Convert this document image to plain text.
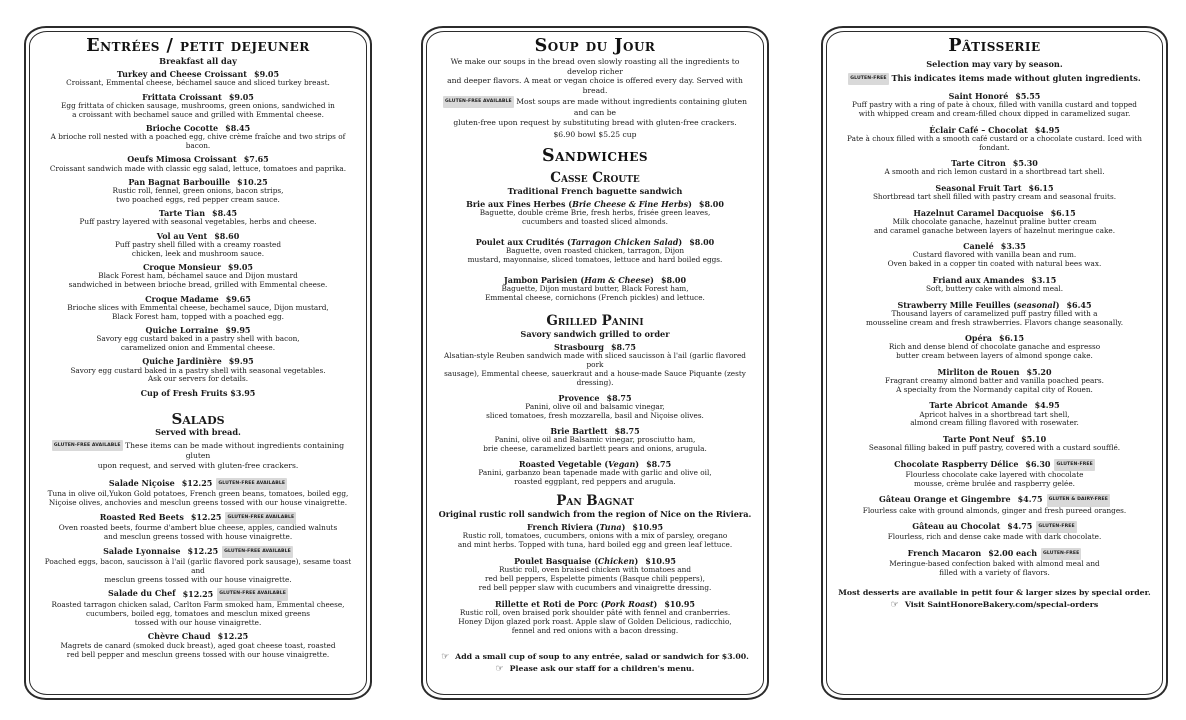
Entrées / petit dejeuner
Breakfast all day
Turkey and Cheese Croissant $9.05
Croissant, Emmental cheese, béchamel sauce and sliced turkey breast.
Frittata Croissant $9.05
Egg frittata of chicken sausage, mushrooms, green onions, sandwiched in
a croissant with bechamel sauce and grilled with Emmental cheese.
Brioche Cocotte $8.45
A brioche roll nested with a poached egg, chive crème fraîche and two strips of bacon.
Oeufs Mimosa Croissant $7.65
Croissant sandwich made with classic egg salad, lettuce, tomatoes and paprika.
Pan Bagnat Barbouille $10.25
Rustic roll, fennel, green onions, bacon strips,
two poached eggs, red pepper cream sauce.
Tarte Tian $8.45
Puff pastry layered with seasonal vegetables, herbs and cheese.
Vol au Vent $8.60
Puff pastry shell filled with a creamy roasted
chicken, leek and mushroom sauce.
Croque Monsieur $9.05
Black Forest ham, béchamel sauce and Dijon mustard
sandwiched in between brioche bread, grilled with Emmental cheese.
Croque Madame $9.65
Brioche slices with Emmental cheese, bechamel sauce, Dijon mustard,
Black Forest ham, topped with a poached egg.
Quiche Lorraine $9.95
Savory egg custard baked in a pastry shell with bacon,
caramelized onion and Emmental cheese.
Quiche Jardinière $9.95
Savory egg custard baked in a pastry shell with seasonal vegetables.
Ask our servers for details.
Cup of Fresh Fruits $3.95
Salads
Served with bread.
GLUTEN-FREE AVAILABLE These items can be made without ingredients containing gluten
upon request, and served with gluten-free crackers.
Salade Niçoise $12.25 GLUTEN-FREE AVAILABLE
Tuna in olive oil,Yukon Gold potatoes, French green beans, tomatoes, boiled egg,
Niçoise olives, anchovies and mesclun greens tossed with our house vinaigrette.
Roasted Red Beets $12.25 GLUTEN-FREE AVAILABLE
Oven roasted beets, fourme d'ambert blue cheese, apples, candied walnuts
and mesclun greens tossed with house vinaigrette.
Salade Lyonnaise $12.25 GLUTEN-FREE AVAILABLE
Poached eggs, bacon, saucisson à l'ail (garlic flavored pork sausage), sesame toast and
mesclun greens tossed with our house vinaigrette.
Salade du Chef $12.25 GLUTEN-FREE AVAILABLE
Roasted tarragon chicken salad, Carlton Farm smoked ham, Emmental cheese,
cucumbers, boiled egg, tomatoes and mesclun mixed greens
tossed with our house vinaigrette.
Chèvre Chaud $12.25
Magrets de canard (smoked duck breast), aged goat cheese toast, roasted
red bell pepper and mesclun greens tossed with our house vinaigrette.
Soup du Jour
We make our soups in the bread oven slowly roasting all the ingredients to develop richer
and deeper flavors. A meat or vegan choice is offered every day. Served with bread.
GLUTEN-FREE AVAILABLE Most soups are made without ingredients containing gluten and can be
gluten-free upon request by substituting bread with gluten-free crackers.
$6.90 bowl $5.25 cup
Sandwiches
Casse Croute
Traditional French baguette sandwich
Brie aux Fines Herbes (Brie Cheese & Fine Herbs) $8.00
Baguette, double crème Brie, fresh herbs, frisée green leaves,
cucumbers and toasted sliced almonds.
Poulet aux Crudités (Tarragon Chicken Salad) $8.00
Baguette, oven roasted chicken, tarragon, Dijon
mustard, mayonnaise, sliced tomatoes, lettuce and hard boiled eggs.
Jambon Parisien (Ham & Cheese) $8.00
Baguette, Dijon mustard butter, Black Forest ham,
Emmental cheese, cornichons (French pickles) and lettuce.
Grilled Panini
Savory sandwich grilled to order
Strasbourg $8.75
Alsatian-style Reuben sandwich made with sliced saucisson à l'ail (garlic flavored pork
sausage), Emmental cheese, sauerkraut and a house-made Sauce Piquante (zesty dressing).
Provence $8.75
Panini, olive oil and balsamic vinegar,
sliced tomatoes, fresh mozzarella, basil and Niçoise olives.
Brie Bartlett $8.75
Panini, olive oil and Balsamic vinegar, prosciutto ham,
brie cheese, caramelized bartlett pears and onions, arugula.
Roasted Vegetable (Vegan) $8.75
Panini, garbanzo bean tapenade made with garlic and olive oil,
roasted eggplant, red peppers and arugula.
Pan Bagnat
Original rustic roll sandwich from the region of Nice on the Riviera.
French Riviera (Tuna) $10.95
Rustic roll, tomatoes, cucumbers, onions with a mix of parsley, oregano
and mint herbs. Topped with tuna, hard boiled egg and green leaf lettuce.
Poulet Basquaise (Chicken) $10.95
Rustic roll, oven braised chicken with tomatoes and
red bell peppers, Espelette piments (Basque chili peppers),
red bell pepper slaw with cucumbers and vinaigrette dressing.
Rillette et Roti de Porc (Pork Roast) $10.95
Rustic roll, oven braised pork shoulder pâté with fennel and cranberries.
Honey Dijon glazed pork roast. Apple slaw of Golden Delicious, radicchio,
fennel and red onions with a bacon dressing.
☞ Add a small cup of soup to any entrée, salad or sandwich for $3.00.
☞ Please ask our staff for a children's menu.
Pâtisserie
Selection may vary by season.
GLUTEN-FREE This indicates items made without gluten ingredients.
Saint Honoré $5.55
Puff pastry with a ring of pate à choux, filled with vanilla custard and topped
with whipped cream and cream-filled choux dipped in caramelized sugar.
Éclair Café – Chocolat $4.95
Pate à choux filled with a smooth café custard or a chocolate custard. Iced with fondant.
Tarte Citron $5.30
A smooth and rich lemon custard in a shortbread tart shell.
Seasonal Fruit Tart $6.15
Shortbread tart shell filled with pastry cream and seasonal fruits.
Hazelnut Caramel Dacquoise $6.15
Milk chocolate ganache, hazelnut praline butter cream
and caramel ganache between layers of hazelnut meringue cake.
Canelé $3.35
Custard flavored with vanilla bean and rum.
Oven baked in a copper tin coated with natural bees wax.
Friand aux Amandes $3.15
Soft, buttery cake with almond meal.
Strawberry Mille Feuilles (seasonal) $6.45
Thousand layers of caramelized puff pastry filled with a
mousseline cream and fresh strawberries. Flavors change seasonally.
Opéra $6.15
Rich and dense blend of chocolate ganache and espresso
butter cream between layers of almond sponge cake.
Mirliton de Rouen $5.20
Fragrant creamy almond batter and vanilla poached pears.
A specialty from the Normandy capital city of Rouen.
Tarte Abricot Amande $4.95
Apricot halves in a shortbread tart shell,
almond cream filling flavored with rosewater.
Tarte Pont Neuf $5.10
Seasonal filling baked in puff pastry, covered with a custard soufflé.
Chocolate Raspberry Délice $6.30 GLUTEN-FREE
Flourless chocolate cake layered with chocolate
mousse, crème brulée and raspberry gelée.
Gâteau Orange et Gingembre $4.75 GLUTEN & DAIRY-FREE
Flourless cake with ground almonds, ginger and fresh pureed oranges.
Gâteau au Chocolat $4.75 GLUTEN-FREE
Flourless, rich and dense cake made with dark chocolate.
French Macaron $2.00 each GLUTEN-FREE
Meringue-based confection baked with almond meal and
filled with a variety of flavors.
Most desserts are available in petit four & larger sizes by special order.
☞ Visit SaintHonoreBakery.com/special-orders
